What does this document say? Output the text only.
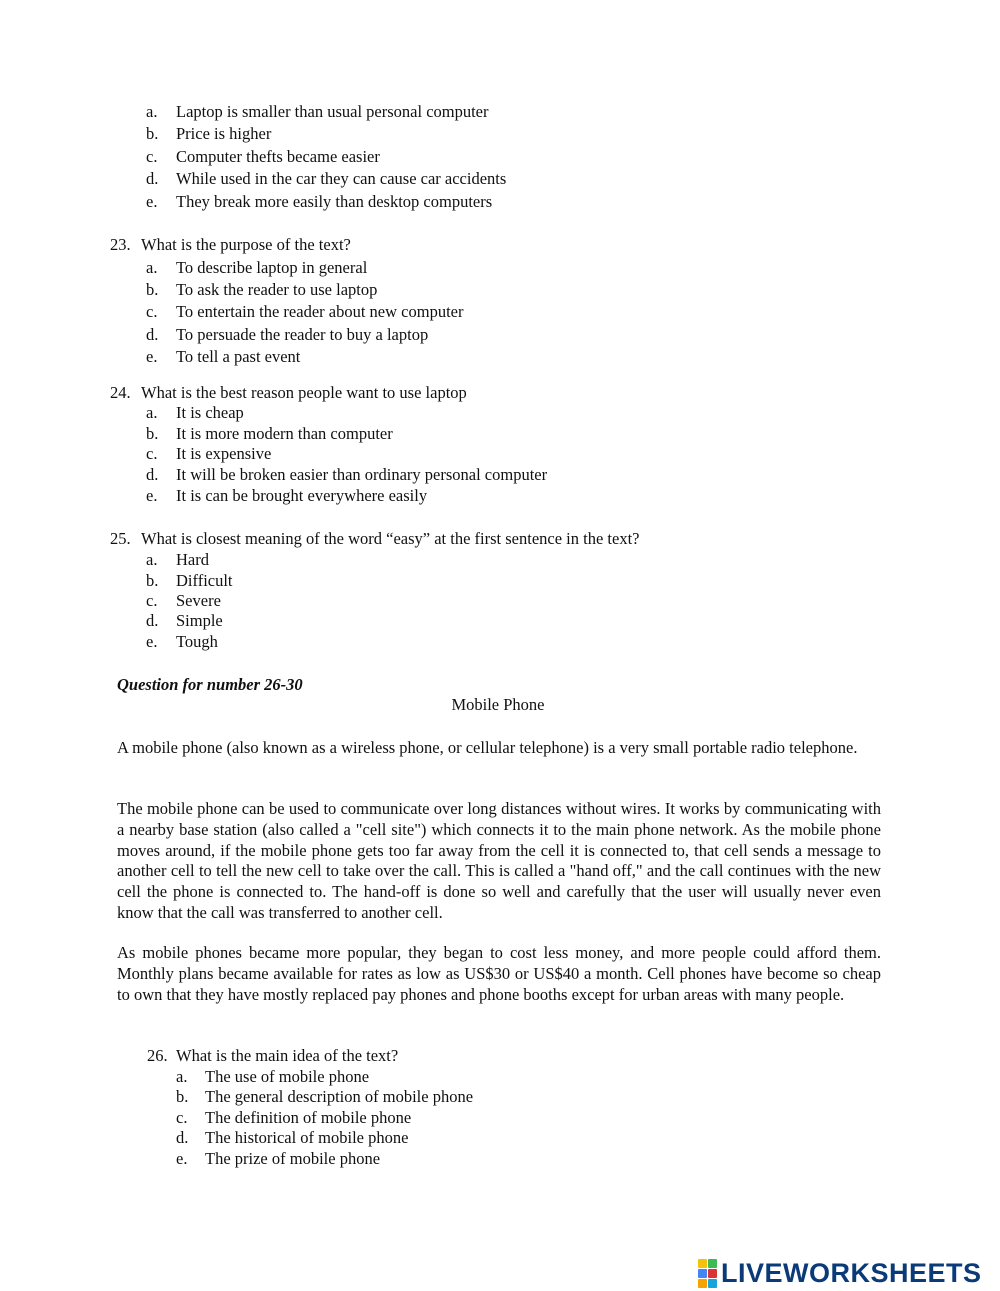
a.	Laptop is smaller than usual personal computer
b.	Price is higher
c.	Computer thefts became easier
d.	While used in the car they can cause car accidents
e.	They break more easily than desktop computers
23. What is the purpose of the text?
a.	To describe laptop in general
b.	To ask the reader to use laptop
c.	To entertain the reader about new computer
d.	To persuade the reader to buy a laptop
e.	To tell a past event
24. What is the best reason people want to use laptop
a.	It is cheap
b.	It is more modern than computer
c.	It is expensive
d.	It will be broken easier than ordinary personal computer
e.	It is can be brought everywhere easily
25. What is closest meaning of the word “easy” at the first sentence in the text?
a.	Hard
b.	Difficult
c.	Severe
d.	Simple
e.	Tough
Question for number 26-30
Mobile Phone

A mobile phone (also known as a wireless phone, or cellular telephone) is a very small portable radio telephone.

The mobile phone can be used to communicate over long distances without wires. It works by communicating with a nearby base station (also called a "cell site") which connects it to the main phone network. As the mobile phone moves around, if the mobile phone gets too far away from the cell it is connected to, that cell sends a message to another cell to tell the new cell to take over the call. This is called a "hand off," and the call continues with the new cell the phone is connected to. The hand-off is done so well and carefully that the user will usually never even know that the call was transferred to another cell.

As mobile phones became more popular, they began to cost less money, and more people could afford them. Monthly plans became available for rates as low as US$30 or US$40 a month. Cell phones have become so cheap to own that they have mostly replaced pay phones and phone booths except for urban areas with many people.

26. What is the main idea of the text?
a.	The use of mobile phone
b.	The general description of mobile phone
c.	The definition of mobile phone
d.	The historical of mobile phone
e.	The prize of mobile phone
LIVEWORKSHEETS
